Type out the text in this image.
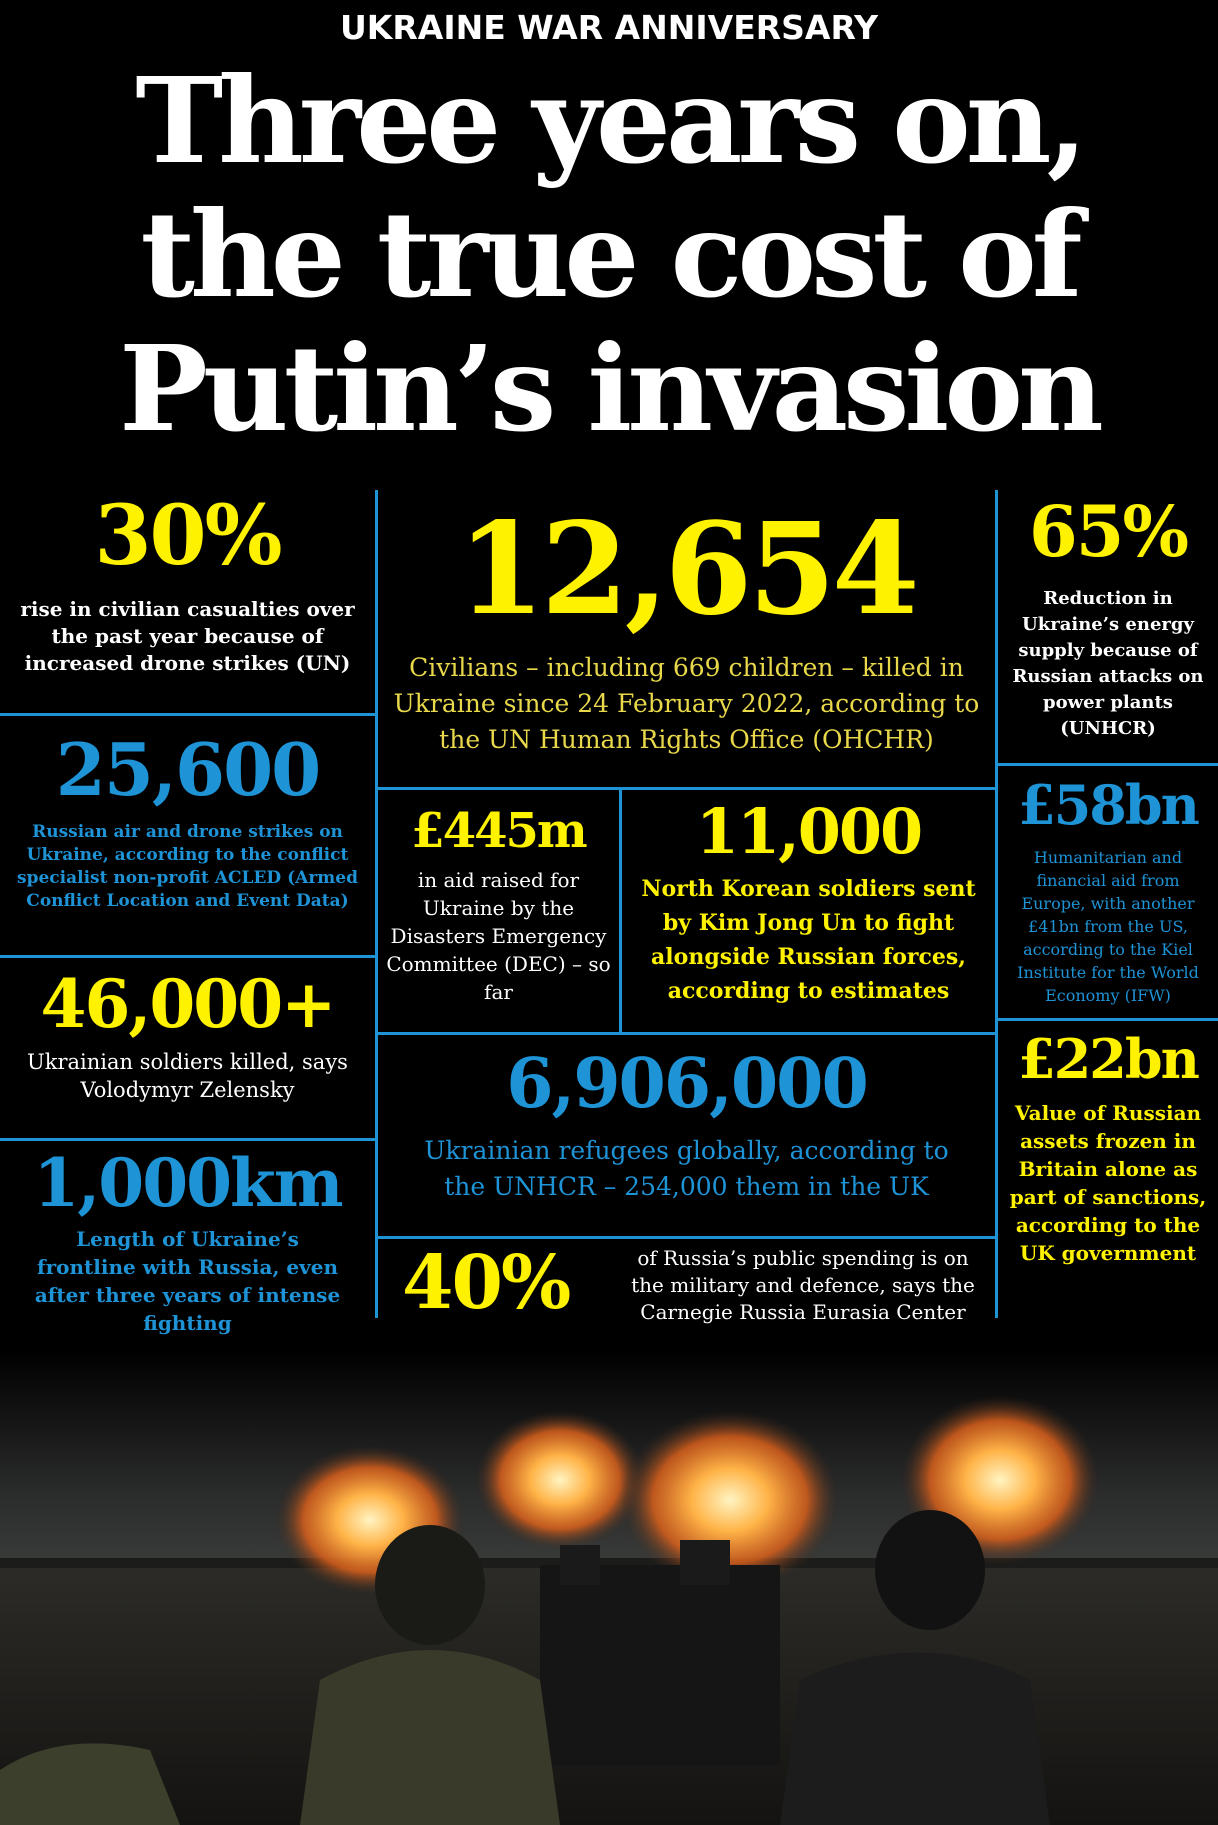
UKRAINE WAR ANNIVERSARY
Three years on,
the true cost of
Putin’s invasion
30%
rise in civilian casualties over the past year because of increased drone strikes (UN)
25,600
Russian air and drone strikes on Ukraine, according to the conflict specialist non-profit ACLED (Armed Conflict Location and Event Data)
46,000+
Ukrainian soldiers killed, says Volodymyr Zelensky
1,000km
Length of Ukraine’s frontline with Russia, even after three years of intense fighting
12,654
Civilians – including 669 children – killed in Ukraine since 24 February 2022, according to the UN Human Rights Office (OHCHR)
£445m
in aid raised for Ukraine by the Disasters Emergency Committee (DEC) – so far
11,000
North Korean soldiers sent by Kim Jong Un to fight alongside Russian forces, according to estimates
6,906,000
Ukrainian refugees globally, according to the UNHCR – 254,000 them in the UK
40%	of Russia’s public spending is on the military and defence, says the Carnegie Russia Eurasia Center
65%
Reduction in Ukraine’s energy supply because of Russian attacks on power plants (UNHCR)
£58bn
Humanitarian and financial aid from Europe, with another £41bn from the US, according to the Kiel Institute for the World Economy (IFW)
£22bn
Value of Russian assets frozen in Britain alone as part of sanctions, according to the UK government
